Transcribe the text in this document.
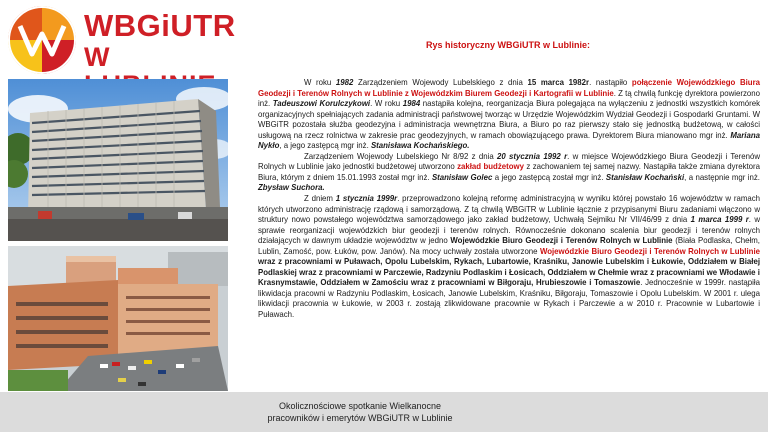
WBGiUTR
W	Rys historyczny WBGiUTR w Lublinie:

W roku 1982 Zarządzeniem Wojewody Lubelskiego z dnia 15 marca 1982r. nastąpiło połączenie Wojewódzkiego Biura Geodezji i Terenów Rolnych w Lublinie z Wojewódzkim Biurem Geodezji i Kartografii w Lublinie. Z tą chwilą funkcję dyrektora powierzono inż. Tadeuszowi Korulczykowi. W roku 1984 nastąpiła kolejna, reorganizacja Biura polegająca na wyłączeniu z jednostki wszystkich komórek organizacyjnych spełniających zadania administracji państwowej tworząc w Urzędzie Wojewódzkim Wydział Geodezji i Gospodarki Gruntami. W WBGiTR pozostała służba geodezyjna i administracja wewnętrzna Biura, a Biuro po raz pierwszy stało się jednostką budżetową, w całości usługową na rzecz rolnictwa w zakresie prac geodezyjnych, w ramach obowiązującego prawa. Dyrektorem Biura mianowano mgr inż. Mariana Nykło, a jego zastępcą mgr inż. Stanisława Kochańskiego.

Zarządzeniem Wojewody Lubelskiego Nr 8/92 z dnia 20 stycznia 1992 r. w miejsce Wojewódzkiego Biura Geodezji i Terenów Rolnych w Lublinie jako jednostki budżetowej utworzono zakład budżetowy z zachowaniem tej samej nazwy. Nastąpiła także zmiana dyrektora Biura, którym z dniem 15.01.1993 został mgr inż. Stanisław Golec a jego zastępcą został mgr inż. Stanisław Kochański, a następnie mgr inż. Zbysław Suchora.

Z dniem 1 stycznia 1999r. przeprowadzono kolejną reformę administracyjną w wyniku której powstało 16 województw w ramach których utworzono administrację rządową i samorządową. Z tą chwilą WBGiTR w Lublinie łącznie z przypisanymi Biuru zadaniami włączono w struktury nowo powstałego województwa samorządowego jako zakład budżetowy, Uchwałą Sejmiku Nr VII/46/99 z dnia 1 marca 1999 r. w sprawie reorganizacji wojewódzkich biur geodezji i terenów rolnych. Równocześnie dokonano scalenia biur geodezji i terenów rolnych działających w dawnym układzie województw w jedno Wojewódzkie Biuro Geodezji i Terenów Rolnych w Lublinie (Biała Podlaska, Chełm, Lublin, Zamość, pow. Łuków, pow. Janów). Na mocy uchwały została utworzone Wojewódzkie Biuro Geodezji i Terenów Rolnych w Lublinie wraz z pracowniami w Puławach, Opolu Lubelskim, Rykach, Lubartowie, Kraśniku, Janowie Lubelskim i Łukowie, Oddziałem w Białej Podlaskiej wraz z pracowniami w Parczewie, Radzyniu Podlaskim i Łosicach, Oddziałem w Chełmie wraz z pracowniami we Włodawie i Krasnymstawie, Oddziałem w Zamościu wraz z pracowniami w Biłgoraju, Hrubieszowie i Tomaszowie. Jednocześnie w 1999r. nastąpiła likwidacja pracowni w Radzyniu Podlaskim, Łosicach, Janowie Lubelskim, Kraśniku, Biłgoraju, Tomaszowie i Opolu Lubelskim. W 2001 r. ulega likwidacji pracownia w Łukowie, w 2003 r. zostają zlikwidowane pracownie w Rykach i Parczewie a w 2010 r. Pracownie w Lubartowie i Puławach.

Okolicznościowe spotkanie Wielkanocne
pracowników i emerytów WBGiUTR w Lublinie
